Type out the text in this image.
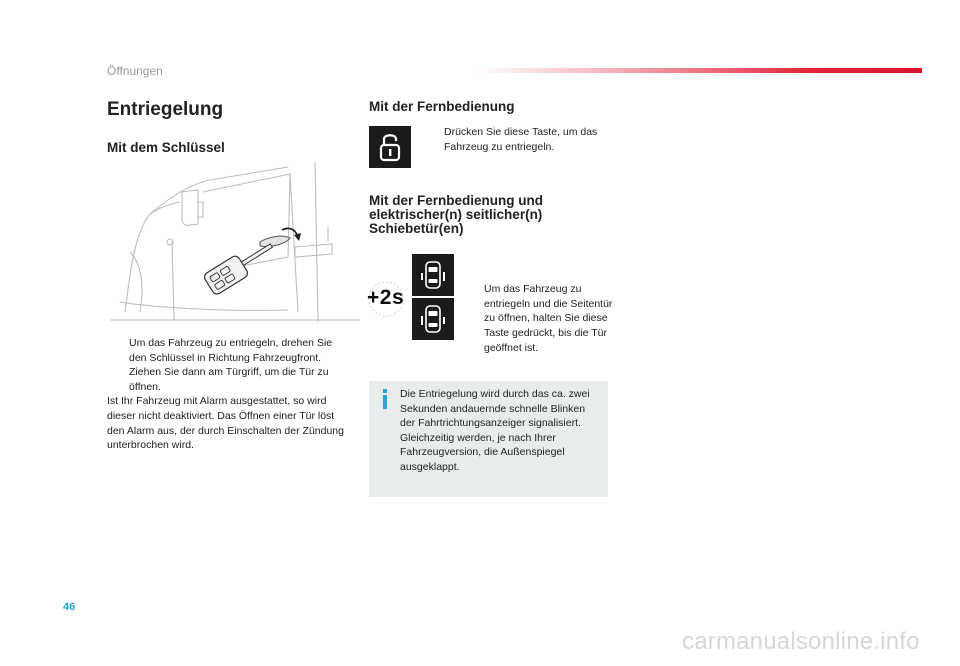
Öffnungen
Entriegelung
Mit dem Schlüssel
Um das Fahrzeug zu entriegeln, drehen Sie den Schlüssel in Richtung Fahrzeugfront.
Ziehen Sie dann am Türgriff, um die Tür zu öffnen.
Ist Ihr Fahrzeug mit Alarm ausgestattet, so wird dieser nicht deaktiviert. Das Öffnen einer Tür löst den Alarm aus, der durch Einschalten der Zündung unterbrochen wird.
Mit der Fernbedienung
Drücken Sie diese Taste, um das Fahrzeug zu entriegeln.
Mit der Fernbedienung und elektrischer(n) seitlicher(n) Schiebetür(en)
+2s	Um das Fahrzeug zu entriegeln und die Seitentür zu öffnen, halten Sie diese Taste gedrückt, bis die Tür geöffnet ist.
Die Entriegelung wird durch das ca. zwei Sekunden andauernde schnelle Blinken der Fahrtrichtungsanzeiger signalisiert.
Gleichzeitig werden, je nach Ihrer Fahrzeugversion, die Außenspiegel ausgeklappt.
46
carmanualsonline.info
